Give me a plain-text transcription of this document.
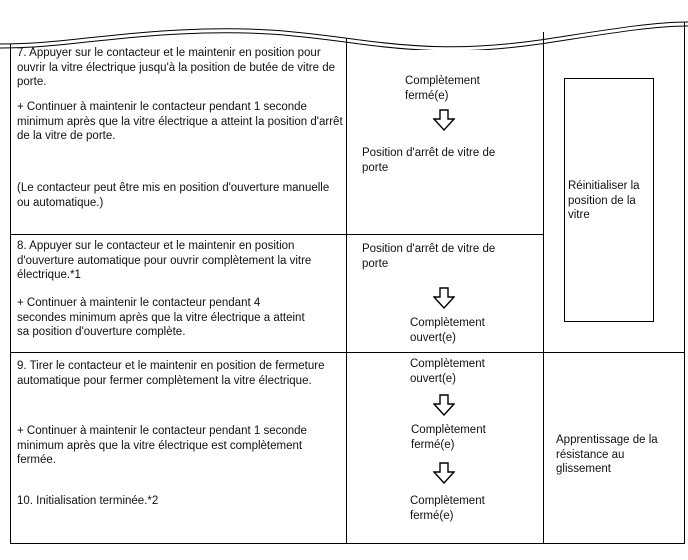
7. Appuyer sur le contacteur et le maintenir en position pour ouvrir la vitre électrique jusqu'à la position de butée de vitre de porte.
+ Continuer à maintenir le contacteur pendant 1 seconde minimum après que la vitre électrique a atteint la position d'arrêt de la vitre de porte.
(Le contacteur peut être mis en position d'ouverture manuelle ou automatique.)
Complètement fermé(e)
Position d'arrêt de vitre de porte
8. Appuyer sur le contacteur et le maintenir en position d'ouverture automatique pour ouvrir complètement la vitre électrique.*1
+ Continuer à maintenir le contacteur pendant 4 secondes minimum après que la vitre électrique a atteint sa position d'ouverture complète.
Position d'arrêt de vitre de porte
Complètement ouvert(e)
Réinitialiser la position de la vitre
9. Tirer le contacteur et le maintenir en position de fermeture automatique pour fermer complètement la vitre électrique.
+ Continuer à maintenir le contacteur pendant 1 seconde minimum après que la vitre électrique est complètement fermée.
10. Initialisation terminée.*2
Complètement ouvert(e)
Complètement fermé(e)
Complètement fermé(e)
Apprentissage de la résistance au glissement
